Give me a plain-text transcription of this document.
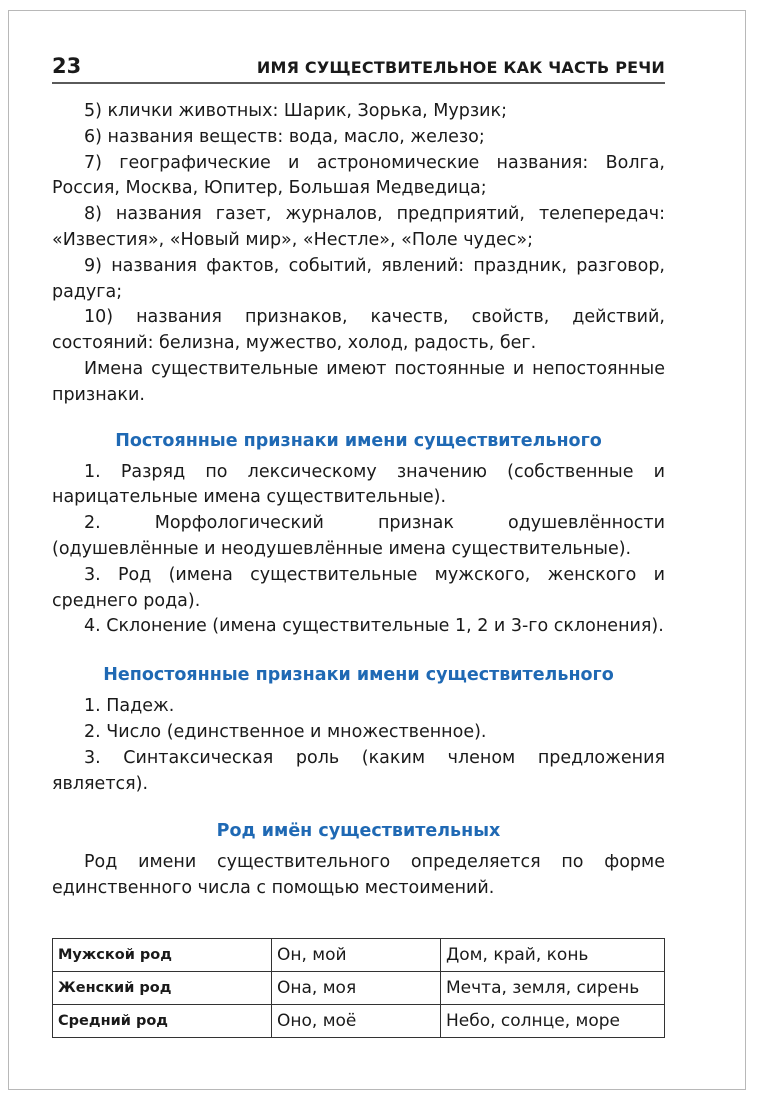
23	ИМЯ СУЩЕСТВИТЕЛЬНОЕ КАК ЧАСТЬ РЕЧИ

5) клички животных: Шарик, Зорька, Мурзик;

6) названия веществ: вода, масло, железо;

7) географические и астрономические названия: Волга, Россия, Москва, Юпитер, Большая Медведица;

8) названия газет, журналов, предприятий, телепередач: «Известия», «Новый мир», «Нестле», «Поле чудес»;

9) названия фактов, событий, явлений: праздник, разговор, радуга;

10) названия признаков, качеств, свойств, действий, состояний: белизна, мужество, холод, радость, бег.

Имена существительные имеют постоянные и непостоянные признаки.

Постоянные признаки имени существительного

1. Разряд по лексическому значению (собственные и нарицательные имена существительные).

2. Морфологический признак одушевлённости (одушевлённые и неодушевлённые имена существительные).

3. Род (имена существительные мужского, женского и среднего рода).

4. Склонение (имена существительные 1, 2 и 3-го склонения).

Непостоянные признаки имени существительного

1. Падеж.

2. Число (единственное и множественное).

3. Синтаксическая роль (каким членом предложения является).

Род имён существительных

Род имени существительного определяется по форме единственного числа с помощью местоимений.

Мужской род	Он, мой	Дом, край, конь
Женский род	Она, моя	Мечта, земля, сирень
Средний род	Оно, моё	Небо, солнце, море
